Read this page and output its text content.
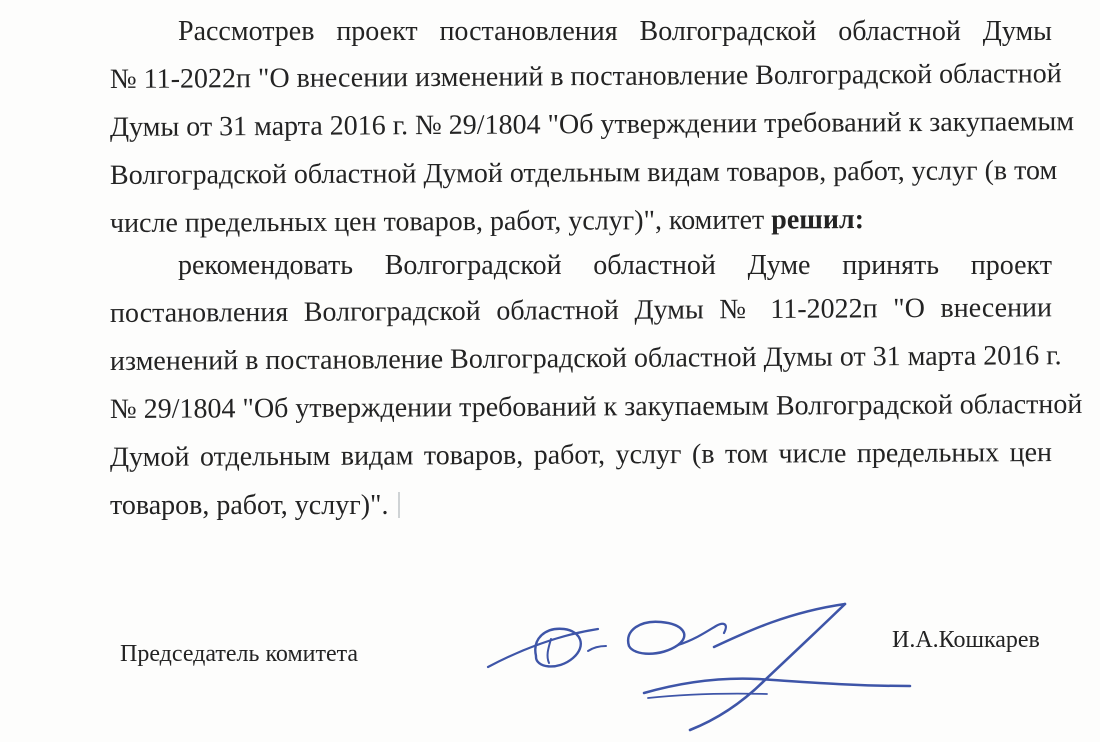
Рассмотрев проект постановления Волгоградской областной Думы
№ 11-2022п "О внесении изменений в постановление Волгоградской областной
Думы от 31 марта 2016 г. № 29/1804 "Об утверждении требований к закупаемым
Волгоградской областной Думой отдельным видам товаров, работ, услуг (в том
числе предельных цен товаров, работ, услуг)", комитет решил:
рекомендовать Волгоградской областной Думе принять проект
постановления Волгоградской областной Думы № 11-2022п "О внесении
изменений в постановление Волгоградской областной Думы от 31 марта 2016 г.
№ 29/1804 "Об утверждении требований к закупаемым Волгоградской областной
Думой отдельным видам товаров, работ, услуг (в том числе предельных цен
товаров, работ, услуг)".
Председатель комитета
И.А.Кошкарев
